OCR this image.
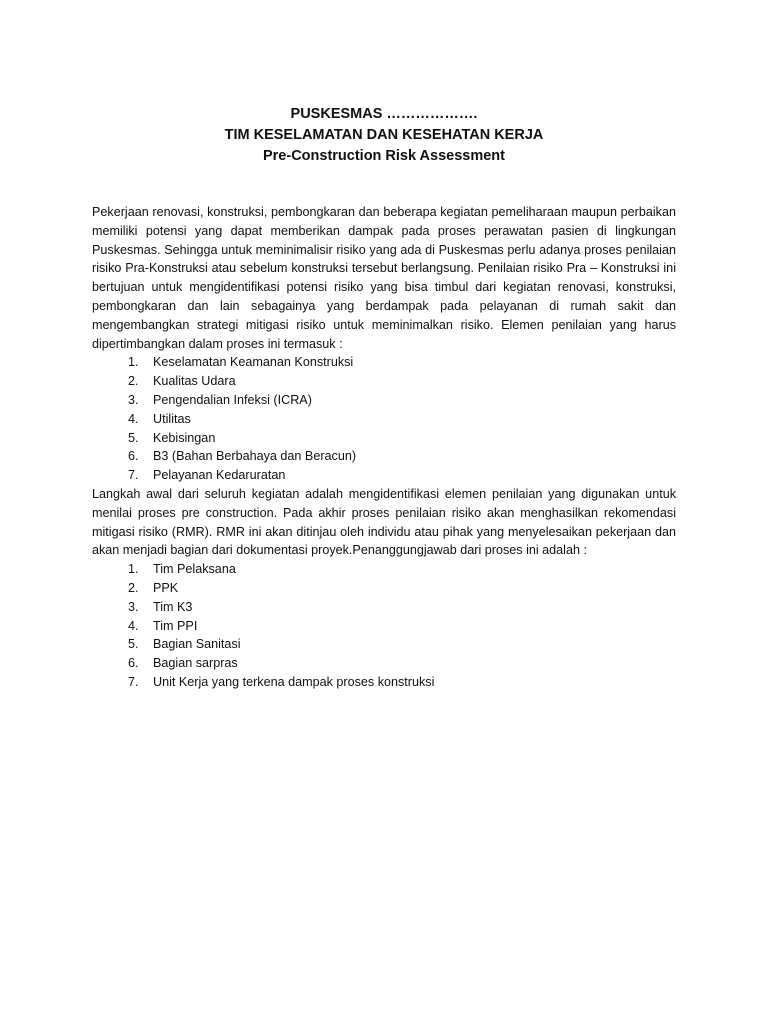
PUSKESMAS ……………….

TIM KESELAMATAN DAN KESEHATAN KERJA

Pre-Construction Risk Assessment

Pekerjaan renovasi, konstruksi, pembongkaran dan beberapa kegiatan pemeliharaan maupun perbaikan memiliki potensi yang dapat memberikan dampak pada proses perawatan pasien di lingkungan Puskesmas. Sehingga untuk meminimalisir risiko yang ada di Puskesmas perlu adanya proses penilaian risiko Pra-Konstruksi atau sebelum konstruksi tersebut berlangsung. Penilaian risiko Pra – Konstruksi ini bertujuan untuk mengidentifikasi potensi risiko yang bisa timbul dari kegiatan renovasi, konstruksi, pembongkaran dan lain sebagainya yang berdampak pada pelayanan di rumah sakit dan mengembangkan strategi mitigasi risiko untuk meminimalkan risiko. Elemen penilaian yang harus dipertimbangkan dalam proses ini termasuk :

1. Keselamatan Keamanan Konstruksi
2. Kualitas Udara
3. Pengendalian Infeksi (ICRA)
4. Utilitas
5. Kebisingan
6. B3 (Bahan Berbahaya dan Beracun)
7. Pelayanan Kedaruratan

Langkah awal dari seluruh kegiatan adalah mengidentifikasi elemen penilaian yang digunakan untuk menilai proses pre construction. Pada akhir proses penilaian risiko akan menghasilkan rekomendasi mitigasi risiko (RMR). RMR ini akan ditinjau oleh individu atau pihak yang menyelesaikan pekerjaan dan akan menjadi bagian dari dokumentasi proyek.Penanggungjawab dari proses ini adalah :

1. Tim Pelaksana
2. PPK
3. Tim K3
4. Tim PPI
5. Bagian Sanitasi
6. Bagian sarpras
7. Unit Kerja yang terkena dampak proses konstruksi
